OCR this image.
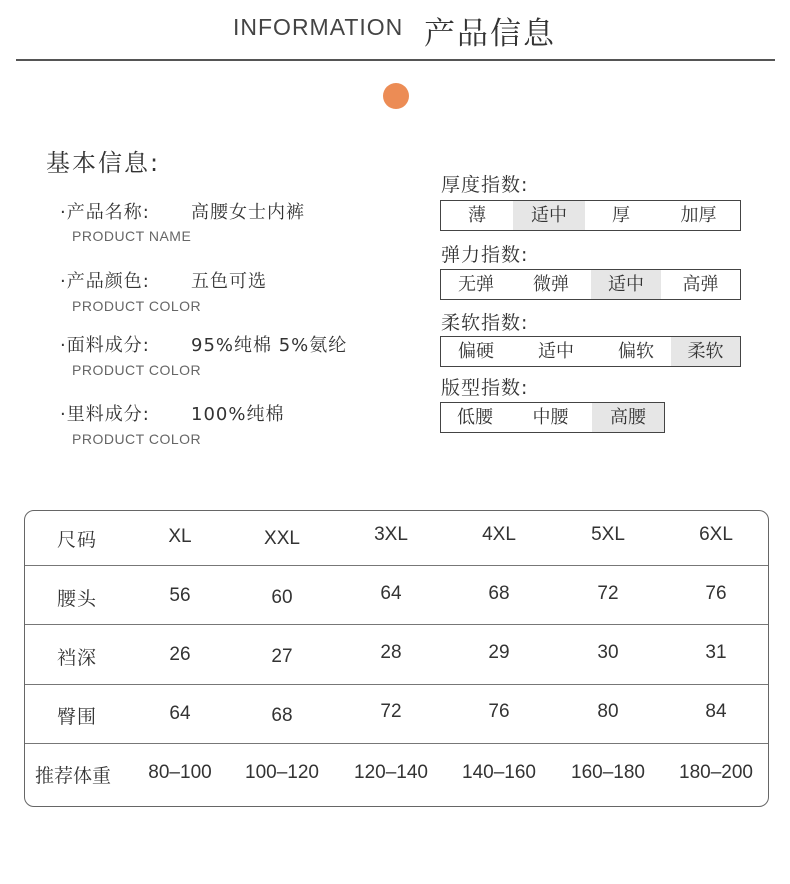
INFORMATION 产品信息
基本信息:
·产品名称: 高腰女士内裤
PRODUCT NAME
·产品颜色: 五色可选
PRODUCT COLOR
·面料成分: 95%纯棉 5%氨纶
PRODUCT COLOR
·里料成分: 100%纯棉
PRODUCT COLOR
厚度指数:
薄	适中	厚	加厚
弹力指数:
无弹	微弹	适中	高弹
柔软指数:
偏硬	适中	偏软	柔软
版型指数:
低腰	中腰	高腰
尺码	XL	XXL	3XL	4XL	5XL	6XL
腰头	56	60	64	68	72	76
裆深	26	27	28	29	30	31
臀围	64	68	72	76	80	84
推荐体重	80–100	100–120	120–140	140–160	160–180	180–200
